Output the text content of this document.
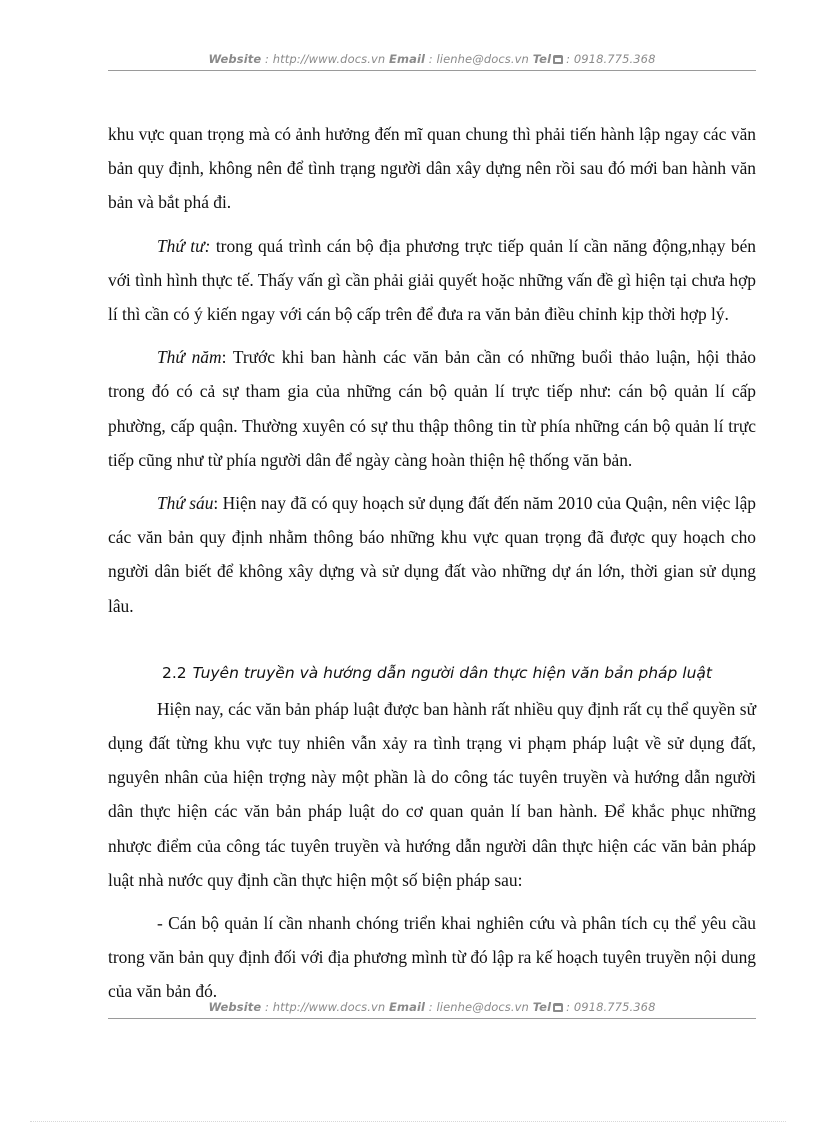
Website : http://www.docs.vn Email : lienhe@docs.vn Tel : 0918.775.368

khu vực quan trọng mà có ảnh hưởng đến mĩ quan chung thì phải tiến hành lập ngay các văn bản quy định, không nên để tình trạng người dân xây dựng nên rồi sau đó mới ban hành văn bản và bắt phá đi.

Thứ tư: trong quá trình cán bộ địa phương trực tiếp quản lí cần năng động,nhạy bén với tình hình thực tế. Thấy vấn gì cần phải giải quyết hoặc những vấn đề gì hiện tại chưa hợp lí thì cần có ý kiến ngay với cán bộ cấp trên để đưa ra văn bản điều chỉnh kịp thời hợp lý.

Thứ năm: Trước khi ban hành các văn bản cần có những buổi thảo luận, hội thảo trong đó có cả sự tham gia của những cán bộ quản lí trực tiếp như: cán bộ quản lí cấp phường, cấp quận. Thường xuyên có sự thu thập thông tin từ phía những cán bộ quản lí trực tiếp cũng như từ phía người dân để ngày càng hoàn thiện hệ thống văn bản.

Thứ sáu: Hiện nay đã có quy hoạch sử dụng đất đến năm 2010 của Quận, nên việc lập các văn bản quy định nhằm thông báo những khu vực quan trọng đã được quy hoạch cho người dân biết để không xây dựng và sử dụng đất vào những dự án lớn, thời gian sử dụng lâu.

2.2 Tuyên truyền và hướng dẫn người dân thực hiện văn bản pháp luật

Hiện nay, các văn bản pháp luật được ban hành rất nhiều quy định rất cụ thể quyền sử dụng đất từng khu vực tuy nhiên vẫn xảy ra tình trạng vi phạm pháp luật về sử dụng đất, nguyên nhân của hiện trợng này một phần là do công tác tuyên truyền và hướng dẫn người dân thực hiện các văn bản pháp luật do cơ quan quản lí ban hành. Để khắc phục những nhược điểm của công tác tuyên truyền và hướng dẫn người dân thực hiện các văn bản pháp luật nhà nước quy định cần thực hiện một số biện pháp sau:

- Cán bộ quản lí cần nhanh chóng triển khai nghiên cứu và phân tích cụ thể yêu cầu trong văn bản quy định đối với địa phương mình từ đó lập ra kế hoạch tuyên truyền nội dung của văn bản đó.

Website : http://www.docs.vn Email : lienhe@docs.vn Tel : 0918.775.368
